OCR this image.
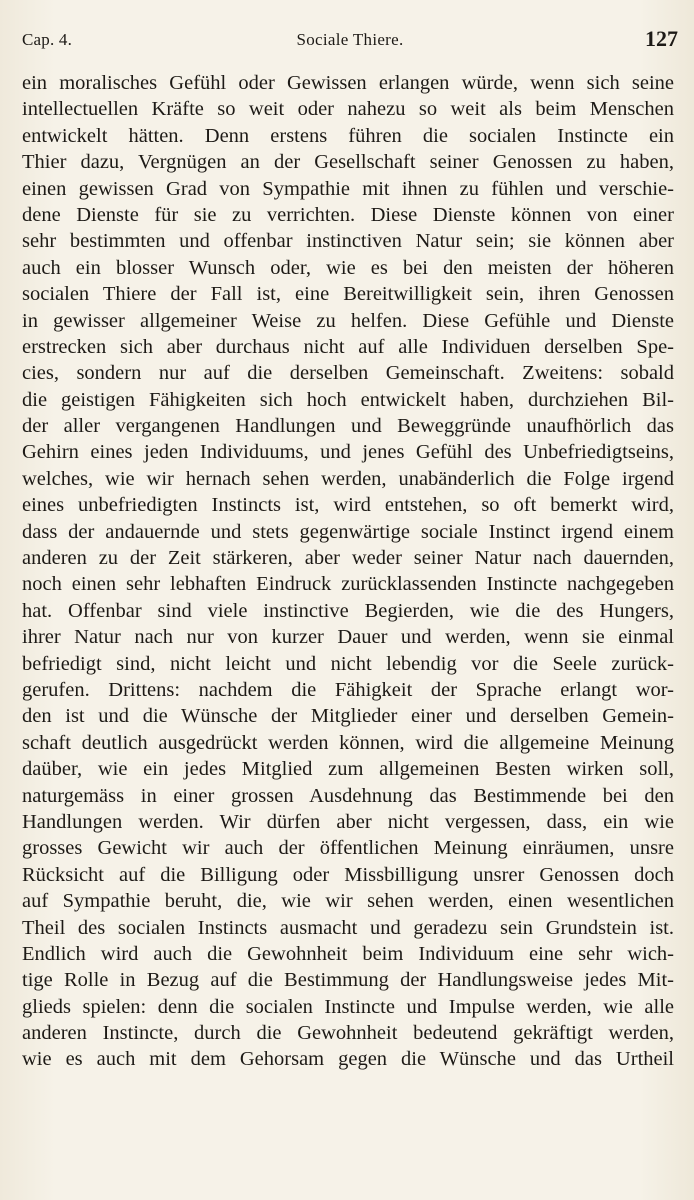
Cap. 4.	Sociale Thiere.	127
ein moralisches Gefühl oder Gewissen erlangen würde, wenn sich seine
intellectuellen Kräfte so weit oder nahezu so weit als beim Menschen
entwickelt hätten. Denn erstens führen die socialen Instincte ein
Thier dazu, Vergnügen an der Gesellschaft seiner Genossen zu haben,
einen gewissen Grad von Sympathie mit ihnen zu fühlen und verschie-
dene Dienste für sie zu verrichten. Diese Dienste können von einer
sehr bestimmten und offenbar instinctiven Natur sein; sie können aber
auch ein blosser Wunsch oder, wie es bei den meisten der höheren
socialen Thiere der Fall ist, eine Bereitwilligkeit sein, ihren Genossen
in gewisser allgemeiner Weise zu helfen. Diese Gefühle und Dienste
erstrecken sich aber durchaus nicht auf alle Individuen derselben Spe-
cies, sondern nur auf die derselben Gemeinschaft. Zweitens: sobald
die geistigen Fähigkeiten sich hoch entwickelt haben, durchziehen Bil-
der aller vergangenen Handlungen und Beweggründe unaufhörlich das
Gehirn eines jeden Individuums, und jenes Gefühl des Unbefriedigtseins,
welches, wie wir hernach sehen werden, unabänderlich die Folge irgend
eines unbefriedigten Instincts ist, wird entstehen, so oft bemerkt wird,
dass der andauernde und stets gegenwärtige sociale Instinct irgend einem
anderen zu der Zeit stärkeren, aber weder seiner Natur nach dauernden,
noch einen sehr lebhaften Eindruck zurücklassenden Instincte nachgegeben
hat. Offenbar sind viele instinctive Begierden, wie die des Hungers,
ihrer Natur nach nur von kurzer Dauer und werden, wenn sie einmal
befriedigt sind, nicht leicht und nicht lebendig vor die Seele zurück-
gerufen. Drittens: nachdem die Fähigkeit der Sprache erlangt wor-
den ist und die Wünsche der Mitglieder einer und derselben Gemein-
schaft deutlich ausgedrückt werden können, wird die allgemeine Meinung
daüber, wie ein jedes Mitglied zum allgemeinen Besten wirken soll,
naturgemäss in einer grossen Ausdehnung das Bestimmende bei den
Handlungen werden. Wir dürfen aber nicht vergessen, dass, ein wie
grosses Gewicht wir auch der öffentlichen Meinung einräumen, unsre
Rücksicht auf die Billigung oder Missbilligung unsrer Genossen doch
auf Sympathie beruht, die, wie wir sehen werden, einen wesentlichen
Theil des socialen Instincts ausmacht und geradezu sein Grundstein ist.
Endlich wird auch die Gewohnheit beim Individuum eine sehr wich-
tige Rolle in Bezug auf die Bestimmung der Handlungsweise jedes Mit-
glieds spielen: denn die socialen Instincte und Impulse werden, wie alle
anderen Instincte, durch die Gewohnheit bedeutend gekräftigt werden,
wie es auch mit dem Gehorsam gegen die Wünsche und das Urtheil
